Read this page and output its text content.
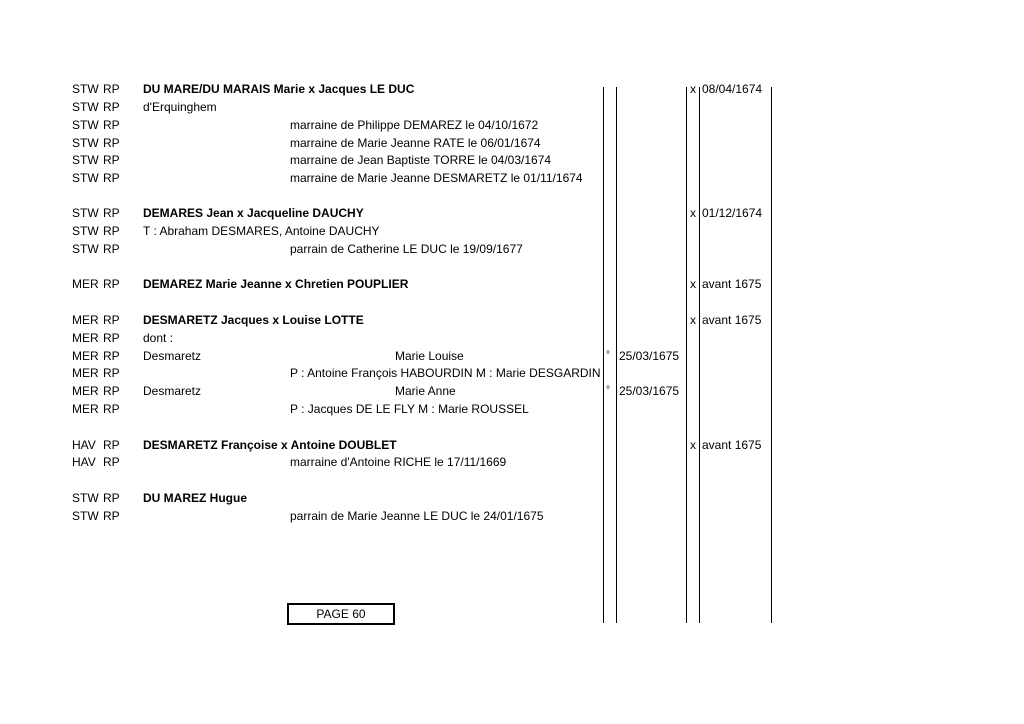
STW RP DU MARE/DU MARAIS Marie x Jacques LE DUC	x 08/04/1674
STW RP d'Erquinghem
STW RP	marraine de Philippe DEMAREZ le 04/10/1672
STW RP	marraine de Marie Jeanne RATE le 06/01/1674
STW RP	marraine de Jean Baptiste TORRE le 04/03/1674
STW RP	marraine de Marie Jeanne DESMARETZ le 01/11/1674
STW RP DEMARES Jean x Jacqueline DAUCHY	x 01/12/1674
STW RP T : Abraham DESMARES, Antoine DAUCHY
STW RP	parrain de Catherine LE DUC le 19/09/1677
MER RP DEMAREZ Marie Jeanne x Chretien POUPLIER	x avant 1675
MER RP DESMARETZ Jacques x Louise LOTTE	x avant 1675
MER RP dont :
MER RP Desmaretz	Marie Louise	° 25/03/1675
MER RP	P : Antoine François HABOURDIN M : Marie DESGARDIN
MER RP Desmaretz	Marie Anne	° 25/03/1675
MER RP	P : Jacques DE LE FLY M : Marie ROUSSEL
HAV RP DESMARETZ Françoise x Antoine DOUBLET	x avant 1675
HAV RP	marraine d'Antoine RICHE le 17/11/1669
STW RP DU MAREZ Hugue
STW RP	parrain de Marie Jeanne LE DUC le 24/01/1675
PAGE 60
